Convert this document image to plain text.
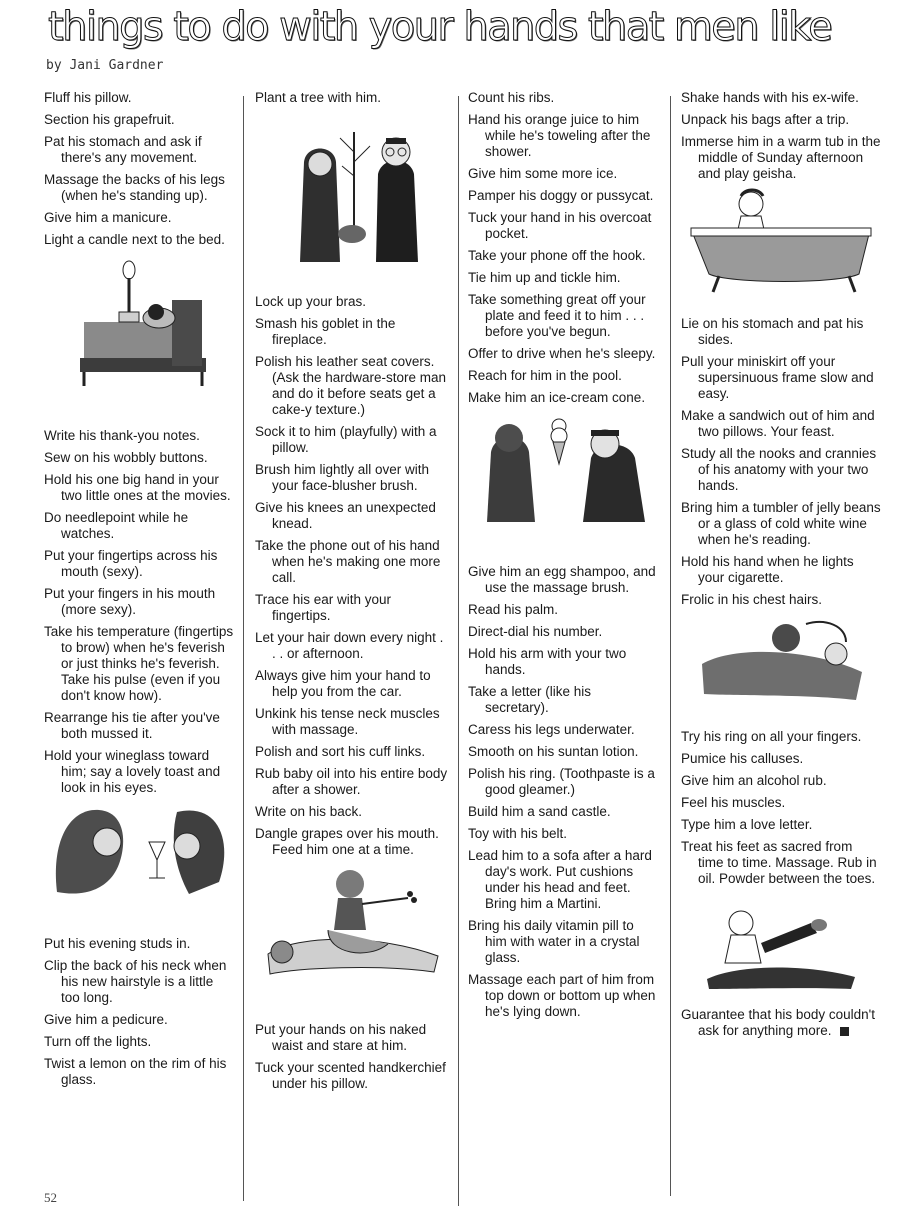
things to do with your hands that men like
by Jani Gardner

Fluff his pillow.

Section his grapefruit.

Pat his stomach and ask if there's any movement.

Massage the backs of his legs (when he's standing up).

Give him a manicure.

Light a candle next to the bed.

Write his thank-you notes.

Sew on his wobbly buttons.

Hold his one big hand in your two little ones at the movies.

Do needlepoint while he watches.

Put your fingertips across his mouth (sexy).

Put your fingers in his mouth (more sexy).

Take his temperature (fingertips to brow) when he's feverish or just thinks he's feverish. Take his pulse (even if you don't know how).

Rearrange his tie after you've both mussed it.

Hold your wineglass toward him; say a lovely toast and look in his eyes.

Put his evening studs in.

Clip the back of his neck when his new hairstyle is a little too long.

Give him a pedicure.

Turn off the lights.

Twist a lemon on the rim of his glass.

Plant a tree with him.

Lock up your bras.

Smash his goblet in the fireplace.

Polish his leather seat covers. (Ask the hardware-store man and do it before seats get a cake-y texture.)

Sock it to him (playfully) with a pillow.

Brush him lightly all over with your face-blusher brush.

Give his knees an unexpected knead.

Take the phone out of his hand when he's making one more call.

Trace his ear with your fingertips.

Let your hair down every night . . . or afternoon.

Always give him your hand to help you from the car.

Unkink his tense neck muscles with massage.

Polish and sort his cuff links.

Rub baby oil into his entire body after a shower.

Write on his back.

Dangle grapes over his mouth. Feed him one at a time.

Put your hands on his naked waist and stare at him.

Tuck your scented handkerchief under his pillow.

Count his ribs.

Hand his orange juice to him while he's toweling after the shower.

Give him some more ice.

Pamper his doggy or pussycat.

Tuck your hand in his overcoat pocket.

Take your phone off the hook.

Tie him up and tickle him.

Take something great off your plate and feed it to him . . . before you've begun.

Offer to drive when he's sleepy.

Reach for him in the pool.

Make him an ice-cream cone.

Give him an egg shampoo, and use the massage brush.

Read his palm.

Direct-dial his number.

Hold his arm with your two hands.

Take a letter (like his secretary).

Caress his legs underwater.

Smooth on his suntan lotion.

Polish his ring. (Toothpaste is a good gleamer.)

Build him a sand castle.

Toy with his belt.

Lead him to a sofa after a hard day's work. Put cushions under his head and feet. Bring him a Martini.

Bring his daily vitamin pill to him with water in a crystal glass.

Massage each part of him from top down or bottom up when he's lying down.

Shake hands with his ex-wife.

Unpack his bags after a trip.

Immerse him in a warm tub in the middle of Sunday afternoon and play geisha.

Lie on his stomach and pat his sides.

Pull your miniskirt off your supersinuous frame slow and easy.

Make a sandwich out of him and two pillows. Your feast.

Study all the nooks and crannies of his anatomy with your two hands.

Bring him a tumbler of jelly beans or a glass of cold white wine when he's reading.

Hold his hand when he lights your cigarette.

Frolic in his chest hairs.

Try his ring on all your fingers.

Pumice his calluses.

Give him an alcohol rub.

Feel his muscles.

Type him a love letter.

Treat his feet as sacred from time to time. Massage. Rub in oil. Powder between the toes.

Guarantee that his body couldn't ask for anything more.

52
